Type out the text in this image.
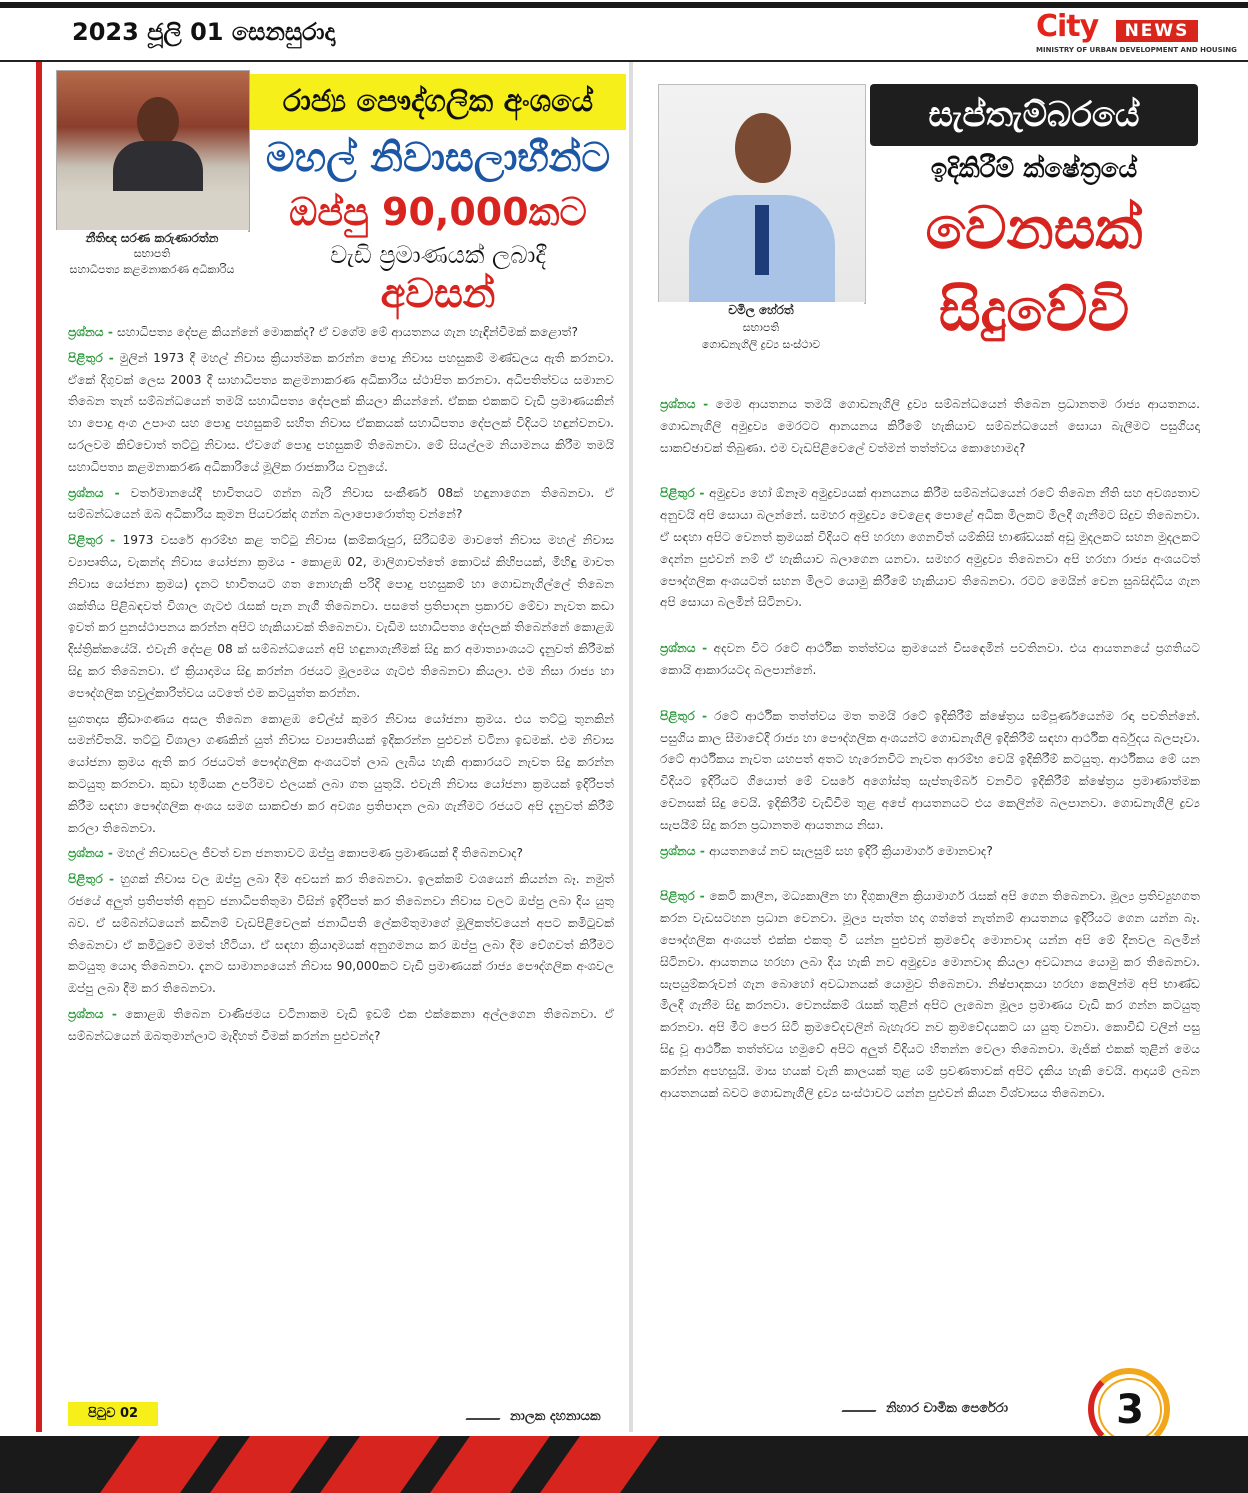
2023 ජූලි 01 සෙනසුරාදා	City	NEWS
MINISTRY OF URBAN DEVELOPMENT AND HOUSING
නීතිඥ සරණ කරුණාරත්න
සභාපති
සහාධිපත්‍ය කළමනාකරණ අධිකාරිය
රාජ්‍ය පෞද්ගලික අංශයේ
මහල් නිවාසලාභීන්ට
ඔප්පු 90,000කට
වැඩි ප්‍රමාණයක් ලබාදී
අවසන්

ප්‍රශ්නය - සහාධිපත්‍ය දේපළ කියන්නේ මොකක්ද? ඒ වගේම මේ ආයතනය ගැන හැඳින්වීමක් කළොත්?

පිළිතුර - මුලින් 1973 දී මහල් නිවාස ක්‍රියාත්මක කරන්න පොදු නිවාස පහසුකම් මණ්ඩලය ඇති කරනවා. ඒකේ දිගුවක් ලෙස 2003 දී සාහාධිපත්‍ය කළමනාකරණ අධිකාරිය ස්ථාපිත කරනවා. අධිපතිත්වය සමානව තිබෙන තැන් සම්බන්ධයෙන් තමයි සහාධිපත්‍ය දේපලක් කියලා කියන්නේ. ඒකක එකකට වැඩි ප්‍රමාණයකින් හා පොදු අංග උපාංග සහ පොදු පහසුකම් සහිත නිවාස ඒකකයක් සහාධිපත්‍ය දේපලක් විදියට හඳුන්වනවා. සරලවම කිව්වොත් තට්ටු නිවාස. ඒවගේ පොදු පහසුකම් තිබෙනවා. මේ සියල්ලම නියාමනය කිරීම තමයි සහාධිපත්‍ය කළමනාකරණ අධිකාරියේ මූලික රාජකාරිය වනුයේ.

ප්‍රශ්නය - වර්තමානයේදී භාවිතයට ගන්න බැරි නිවාස සංකීර්ණ 08ක් හඳුනාගෙන තිබෙනවා. ඒ සම්බන්ධයෙන් ඔබ අධිකාරිය කුමන පියවරක්ද ගන්න බලාපොරොත්තු වන්නේ?

පිළිතුර - 1973 වසරේ ආරම්භ කළ තට්ටු නිවාස (කම්කරුපුර, සිරිධම්ම මාවතේ නිවාස මහල් නිවාස ව්‍යාපෘතිය, වැකන්ද නිවාස යෝජනා ක්‍රමය - කොළඹ 02, මාලිගාවත්තේ කොටස් කිහිපයක්, මිහිඳු මාවත නිවාස යෝජනා ක්‍රමය) දැනට භාවිතයට ගත නොහැකි පරිදි පොදු පහසුකම් හා ගොඩනැගිල්ලේ තිබෙන ශක්තිය පිළිබඳවත් විශාල ගැටළු රැසක් පැන නැගී තිබෙනවා. පසතේ ප්‍රතිපාදන ප්‍රකාරව මේවා නැවත කඩා ඉවත් කර පුනස්ථාපනය කරන්න අපිට හැකියාවක් තිබෙනවා. වැඩිම සහාධිපත්‍ය දේපලක් තිබෙන්නේ කොළඹ දිස්ත්‍රික්කයේයි. එවැනි දේපළ 08 ක් සම්බන්ධයෙන් අපි හඳුනාගැනීමක් සිදු කර අමාත්‍යාංශයට දැනුවත් කිරීමක් සිදු කර තිබෙනවා. ඒ ක්‍රියාදාමය සිදු කරන්න රජයට මූල්‍යමය ගැටළු තිබෙනවා කියලා. එම නිසා රාජ්‍ය හා පෞද්ගලික හවුල්කාරිත්වය යටතේ එම කටයුත්ත කරන්න.

සුගතදාස ක්‍රීඩාංගණය අසල තිබෙන කොළඹ වේල්ස් කුමර නිවාස යෝජනා ක්‍රමය. එය තට්ටු තුනකින් සමන්විතයි. තට්ටු විශාලා ගණකින් යුත් නිවාස ව්‍යාපෘතියක් ඉදිකරන්න පුළුවන් වටිනා ඉඩමක්. එම නිවාස යෝජනා ක්‍රමය ඇති කර රජයටත් පෞද්ගලික අංශයටත් ලාබ ලැබිය හැකි ආකාරයට නැවත සිදු කරන්න කටයුතු කරනවා. කුඩා භූමියක උපරිමව ඵලයක් ලබා ගත යුතුයි. එවැනි නිවාස යෝජනා ක්‍රමයක් ඉදිරිපත් කිරීම සඳහා පෞද්ගලික අංශය සමග සාකච්ඡා කර අවශ්‍ය ප්‍රතිපාදන ලබා ගැනීමට රජයට අපි දැනුවත් කිරීම් කරලා තිබෙනවා.

ප්‍රශ්නය - මහල් නිවාසවල ජීවත් වන ජනතාවට ඔප්පු කොපමණ ප්‍රමාණයක් දී තිබෙනවාද?

පිළිතුර - හුගක් නිවාස වල ඔප්පු ලබා දීම අවසන් කර තිබෙනවා. ඉලක්කම් වශයෙන් කියන්න බෑ. නමුත් රජයේ අලුත් ප්‍රතිපත්ති අනුව ජනාධිපතිතුමා විසින් ඉදිරිපත් කර තිබෙනවා නිවාස වලට ඔප්පු ලබා දිය යුතු බව. ඒ සම්බන්ධයෙන් කඩිනම් වැඩපිළිවෙලක් ජනාධිපති ලේකම්තුමාගේ මූලිකත්වයෙන් අපට කමිටුවක් තිබෙනවා ඒ කමිටුවේ මමත් හිටියා. ඒ සඳහා ක්‍රියාදාමයක් අනුගමනය කර ඔප්පු ලබා දීම වේගවත් කිරීමට කටයුතු යොදා තිබෙනවා. දැනට සාමාන්‍යයෙන් නිවාස 90,000කට වැඩි ප්‍රමාණයක් රාජ්‍ය පෞද්ගලික අංශවල ඔප්පු ලබා දීම කර තිබෙනවා.

ප්‍රශ්නය - කොළඹ තිබෙන වාණිජමය වටිනාකම වැඩි ඉඩම් එක එක්කෙනා අල්ලගෙන තිබෙනවා. ඒ සම්බන්ධයෙන් ඔබතුමාන්ලාට මැදිහත් වීමක් කරන්න පුළුවන්ද?

පිටුව 02	නාලක දහනායක
චමිල හේරත්
සභාපති
ගොඩනැගිලි ද්‍රව්‍ය සංස්ථාව
සැප්තැම්බරයේ
ඉදිකිරීම් ක්ෂේත්‍රයේ
වෙනසක්
සිදුවේවි

ප්‍රශ්නය - මෙම ආයතනය තමයි ගොඩනැගිලි ද්‍රව්‍ය සම්බන්ධයෙන් තිබෙන ප්‍රධානතම රාජ්‍ය ආයතනය. ගොඩනැගිලි අමුද්‍රව්‍ය මෙරටට ආනයනය කිරීමේ හැකියාව සම්බන්ධයෙන් සොයා බැලීමට පසුගියදා සාකච්ඡාවක් තිබුණා. එම වැඩපිළිවෙලේ වත්මන් තත්ත්වය කොහොමද?

පිළිතුර - අමුද්‍රව්‍ය හෝ ඕනෑම අමුද්‍රව්‍යයක් ආනයනය කිරීම සම්බන්ධයෙන් රටේ තිබෙන නීති සහ අවශ්‍යතාව අනුවයි අපි සොයා බලන්නේ. සමහර අමුද්‍රව්‍ය වෙළෙඳ පොළේ අධික මිලකට මිලදී ගැනීමට සිදුව තිබෙනවා. ඒ සඳහා අපිට වෙනත් ක්‍රමයක් විදියට අපි හරහා ගෙනවිත් යම්කිසි භාණ්ඩයක් අඩු මුදලකට සහන මුදලකට දෙන්න පුළුවන් නම් ඒ හැකියාව බලාගෙන යනවා. සමහර අමුද්‍රව්‍ය තිබෙනවා අපි හරහා රාජ්‍ය අංශයටත් පෞද්ගලික අංශයටත් සහන මිලට යොමු කිරීමේ හැකියාව තිබෙනවා. රටට මෙයින් වෙන සුබසිද්ධිය ගැන අපි සොයා බලමින් සිටිනවා.

ප්‍රශ්නය - අදවන විට රටේ ආර්ථික තත්ත්වය ක්‍රමයෙන් විසඳෙමින් පවතිනවා. එය ආයතනයේ ප්‍රගතියට කොයි ආකාරයටද බලපාන්නේ.

පිළිතුර - රටේ ආර්ථික තත්ත්වය මත තමයි රටේ ඉදිකිරීම් ක්ෂේත්‍රය සම්පූර්ණයෙන්ම රඳා පවතින්නේ. පසුගිය කාල සීමාවේදී රාජ්‍ය හා පෞද්ගලික අංශයන්ට ගොඩනැගිලි ඉදිකිරීම් සඳහා ආර්ථික අර්බුදය බලපෑවා. රටේ ආර්ථිකය නැවත යහපත් අතට හැරෙනවිට නැවත ආරම්භ වෙයි ඉදිකිරීම් කටයුතු. ආර්ථිකය මේ යන විදියට ඉදිරියට ගියොත් මේ වසරේ අගෝස්තු සැප්තැම්බර් වනවිට ඉදිකිරීම් ක්ෂේත්‍රය ප්‍රමාණාත්මක වෙනසක් සිදු වෙයි. ඉදිකිරීම් වැඩිවීම තුළ අපේ ආයතනයට එය කෙලින්ම බලපානවා. ගොඩනැගිලි ද්‍රව්‍ය සැපයීම් සිදු කරන ප්‍රධානතම ආයතනය නිසා.

ප්‍රශ්නය - ආයතනයේ නව සැලසුම් සහ ඉදිරි ක්‍රියාමාර්ග මොනවාද?

පිළිතුර - කෙටි කාලීන, මධ්‍යකාලීන හා දිගුකාලීන ක්‍රියාමාර්ග රැසක් අපි ගෙන තිබෙනවා. මූල්‍ය ප්‍රතිව්‍යුහගත කරන වැඩසටහන ප්‍රධාන වෙනවා. මූල්‍ය පැත්ත හදා ගත්තේ නැත්නම් ආයතනය ඉදිරියට ගෙන යන්න බෑ. පෞද්ගලික අංශයත් එක්ක එකතු වී යන්න පුළුවන් ක්‍රමවේද මොනවාද යන්න අපි මේ දිනවල බලමින් සිටිනවා. ආයතනය හරහා ලබා දිය හැකි නව අමුද්‍රව්‍ය මොනවාද කියලා අවධානය යොමු කර තිබෙනවා. සැපයුම්කරුවන් ගැන බොහෝ අවධානයක් යොමුව තිබෙනවා. නිෂ්පාදකයා හරහා කෙලින්ම අපි භාණ්ඩ මිලදී ගැනීම සිදු කරනවා. වෙනස්කම් රැසක් තුළින් අපිට ලැබෙන මූල්‍ය ප්‍රමාණය වැඩි කර ගන්න කටයුතු කරනවා. අපි මීට පෙර සිටි ක්‍රමවේදවලින් බැහැරව නව ක්‍රමවේදයකට යා යුතු වනවා. කොවිඩ් වලින් පසු සිදු වූ ආර්ථික තත්ත්වය හමුවේ අපිට අලුත් විදියට හිතන්න වෙලා තිබෙනවා. මැජික් එකක් තුළින් මෙය කරන්න අපහසුයි. මාස හයක් වැනි කාලයක් තුළ යම් ප්‍රවණතාවක් අපිට දැකිය හැකි වෙයි. ආදායම් ලබන ආයතනයක් බවට ගොඩනැගිලි ද්‍රව්‍ය සංස්ථාවට යන්න පුළුවන් කියන විශ්වාසය තිබෙනවා.

නිහාර චාමික පෙරේරා	3
